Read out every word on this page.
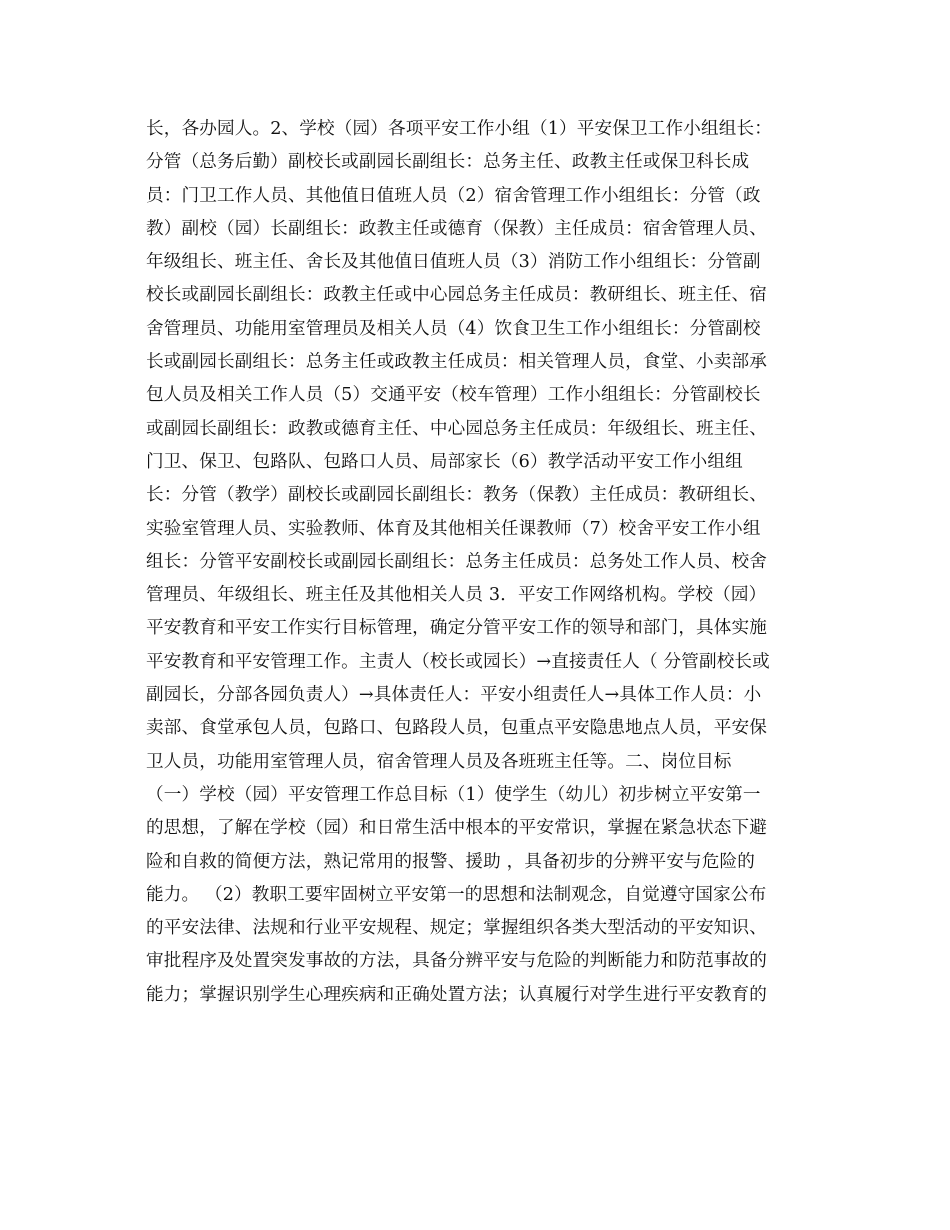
长，各办园人。2、学校（园）各项平安工作小组（1）平安保卫工作小组组长：
分管（总务后勤）副校长或副园长副组长：总务主任、政教主任或保卫科长成
员：门卫工作人员、其他值日值班人员（2）宿舍管理工作小组组长：分管（政
教）副校（园）长副组长：政教主任或德育（保教）主任成员：宿舍管理人员、
年级组长、班主任、舍长及其他值日值班人员（3）消防工作小组组长：分管副
校长或副园长副组长：政教主任或中心园总务主任成员：教研组长、班主任、宿
舍管理员、功能用室管理员及相关人员（4）饮食卫生工作小组组长：分管副校
长或副园长副组长：总务主任或政教主任成员：相关管理人员，食堂、小卖部承
包人员及相关工作人员（5）交通平安（校车管理）工作小组组长：分管副校长
或副园长副组长：政教或德育主任、中心园总务主任成员：年级组长、班主任、
门卫、保卫、包路队、包路口人员、局部家长（6）教学活动平安工作小组组
长：分管（教学）副校长或副园长副组长：教务（保教）主任成员：教研组长、
实验室管理人员、实验教师、体育及其他相关任课教师（7）校舍平安工作小组
组长：分管平安副校长或副园长副组长：总务主任成员：总务处工作人员、校舍
管理员、年级组长、班主任及其他相关人员 3．平安工作网络机构。学校（园）
平安教育和平安工作实行目标管理，确定分管平安工作的领导和部门，具体实施
平安教育和平安管理工作。主责人（校长或园长）→直接责任人（ 分管副校长或
副园长，分部各园负责人）→具体责任人：平安小组责任人→具体工作人员：小
卖部、食堂承包人员，包路口、包路段人员，包重点平安隐患地点人员，平安保
卫人员，功能用室管理人员，宿舍管理人员及各班班主任等。二、岗位目标
（一）学校（园）平安管理工作总目标（1）使学生（幼儿）初步树立平安第一
的思想，了解在学校（园）和日常生活中根本的平安常识，掌握在紧急状态下避
险和自救的简便方法，熟记常用的报警、援助 ，具备初步的分辨平安与危险的
能力。 （2）教职工要牢固树立平安第一的思想和法制观念，自觉遵守国家公布
的平安法律、法规和行业平安规程、规定；掌握组织各类大型活动的平安知识、
审批程序及处置突发事故的方法，具备分辨平安与危险的判断能力和防范事故的
能力；掌握识别学生心理疾病和正确处置方法；认真履行对学生进行平安教育的
